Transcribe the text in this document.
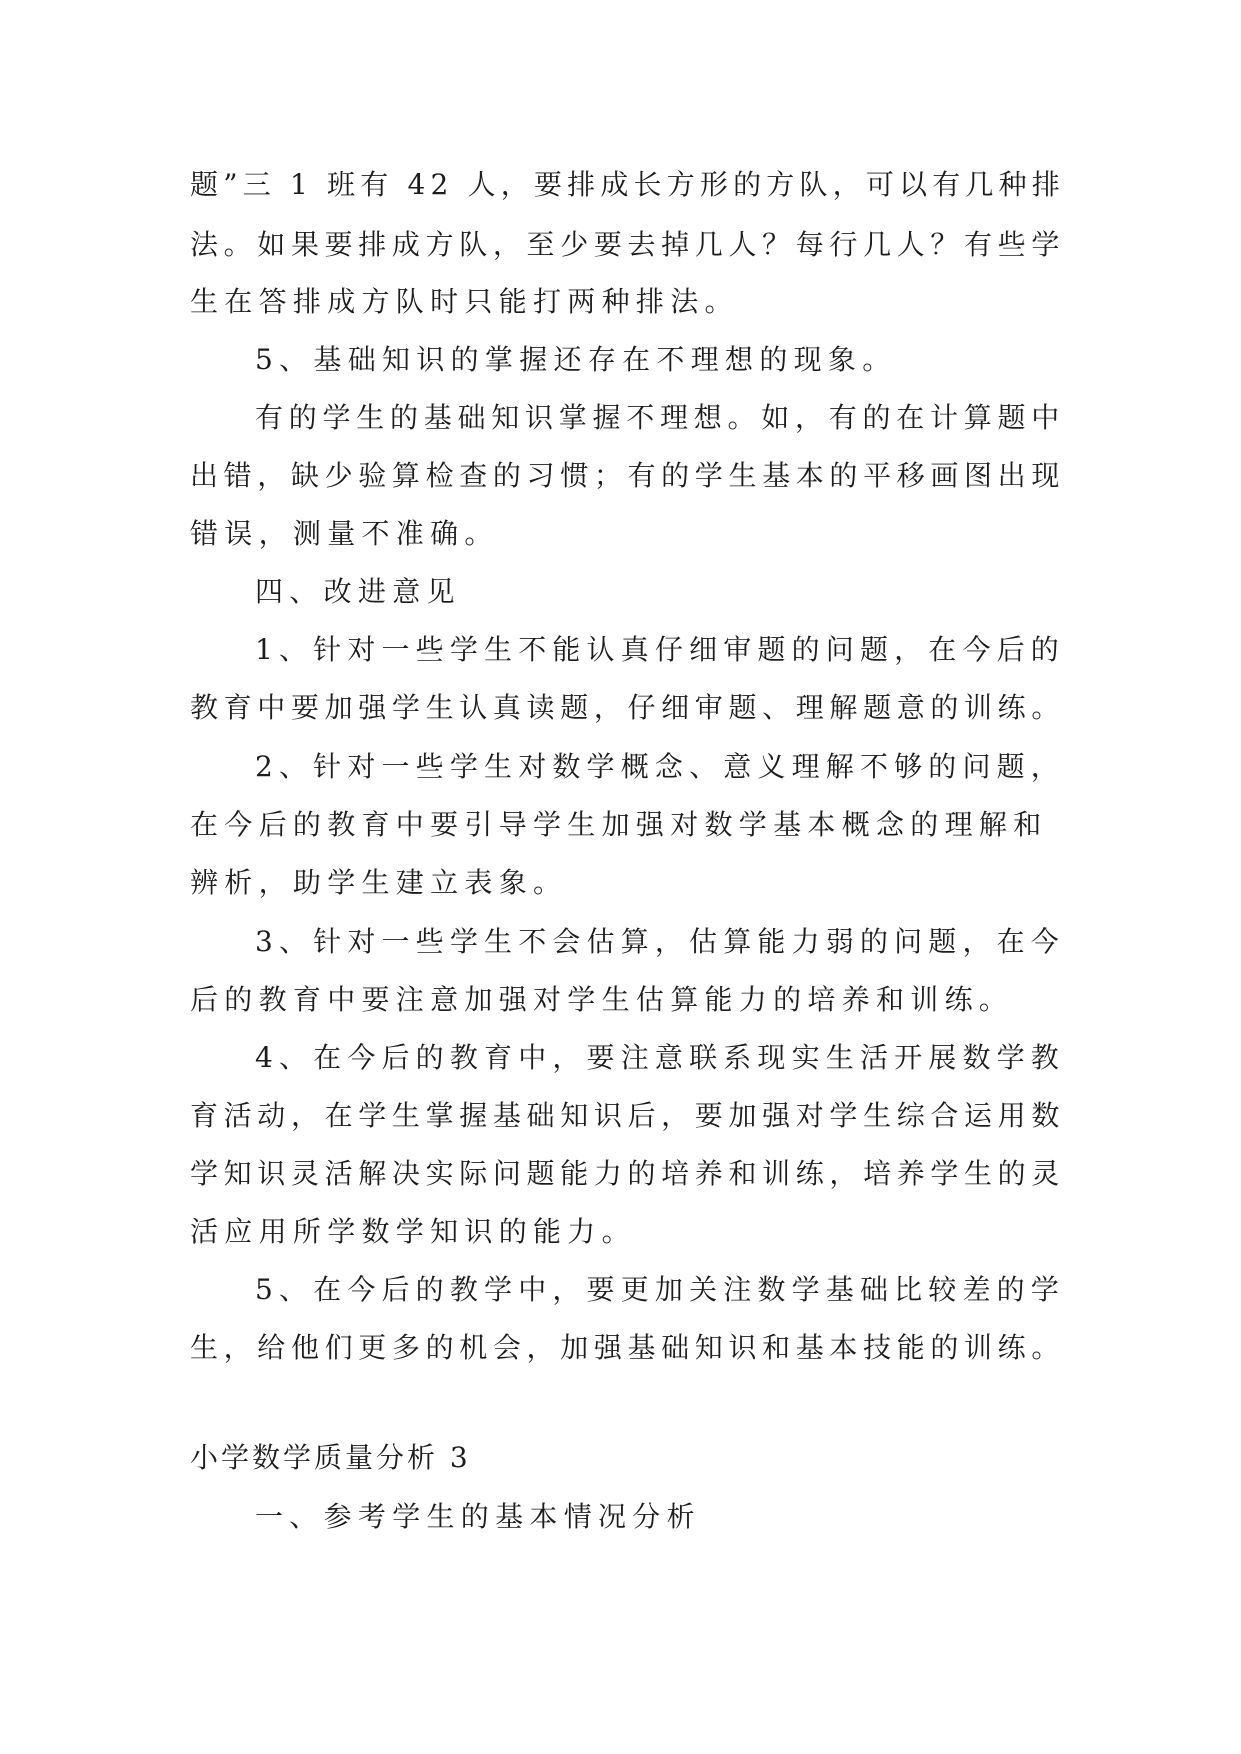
题”三 1 班有 42 人，要排成长方形的方队，可以有几种排

法。如果要排成方队，至少要去掉几人？每行几人？有些学

生在答排成方队时只能打两种排法。

5、基础知识的掌握还存在不理想的现象。

有的学生的基础知识掌握不理想。如，有的在计算题中

出错，缺少验算检查的习惯；有的学生基本的平移画图出现

错误，测量不准确。

四、改进意见

1、针对一些学生不能认真仔细审题的问题，在今后的

教育中要加强学生认真读题，仔细审题、理解题意的训练。

2、针对一些学生对数学概念、意义理解不够的问题，

在今后的教育中要引导学生加强对数学基本概念的理解和

辨析，助学生建立表象。

3、针对一些学生不会估算，估算能力弱的问题，在今

后的教育中要注意加强对学生估算能力的培养和训练。

4、在今后的教育中，要注意联系现实生活开展数学教

育活动，在学生掌握基础知识后，要加强对学生综合运用数

学知识灵活解决实际问题能力的培养和训练，培养学生的灵

活应用所学数学知识的能力。

5、在今后的教学中，要更加关注数学基础比较差的学

生，给他们更多的机会，加强基础知识和基本技能的训练。

小学数学质量分析 3

一、参考学生的基本情况分析
